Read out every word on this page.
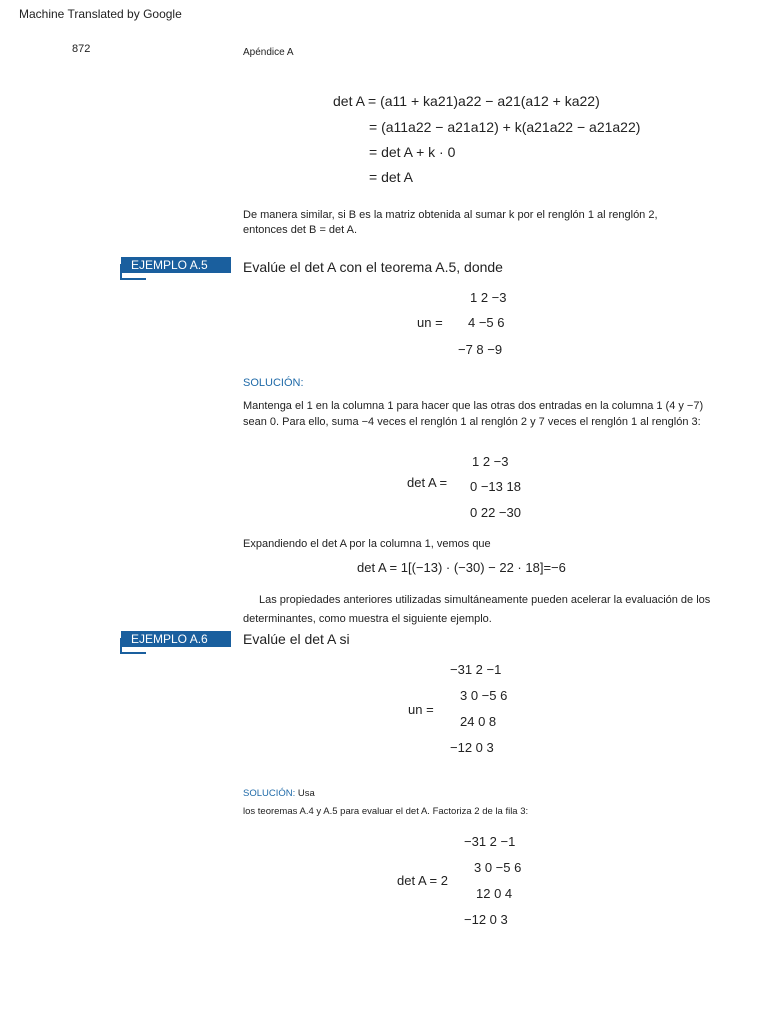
Machine Translated by Google
872	Apéndice A
det A = (a11 + ka21)a22 − a21(a12 + ka22)
= (a11a22 − a21a12) + k(a21a22 − a21a22)
= det A + k · 0
= det A
De manera similar, si B es la matriz obtenida al sumar k por el renglón 1 al renglón 2, entonces det B = det A.
EJEMPLO A.5	Evalúe el det A con el teorema A.5, donde
un =
1 2 −3
4 −5 6
−7 8 −9
SOLUCIÓN:
Mantenga el 1 en la columna 1 para hacer que las otras dos entradas en la columna 1 (4 y −7) sean 0. Para ello, suma −4 veces el renglón 1 al renglón 2 y 7 veces el renglón 1 al renglón 3:
det A =
1 2 −3
0 −13 18
0 22 −30
Expandiendo el det A por la columna 1, vemos que
det A = 1[(−13) · (−30) − 22 · 18]=−6
Las propiedades anteriores utilizadas simultáneamente pueden acelerar la evaluación de los determinantes, como muestra el siguiente ejemplo.
EJEMPLO A.6	Evalúe el det A si
un =
−31 2 −1
3 0 −5 6
24 0 8
−12 0 3
SOLUCIÓN: Usa
los teoremas A.4 y A.5 para evaluar el det A. Factoriza 2 de la fila 3:
det A = 2
−31 2 −1
3 0 −5 6
12 0 4
−12 0 3
